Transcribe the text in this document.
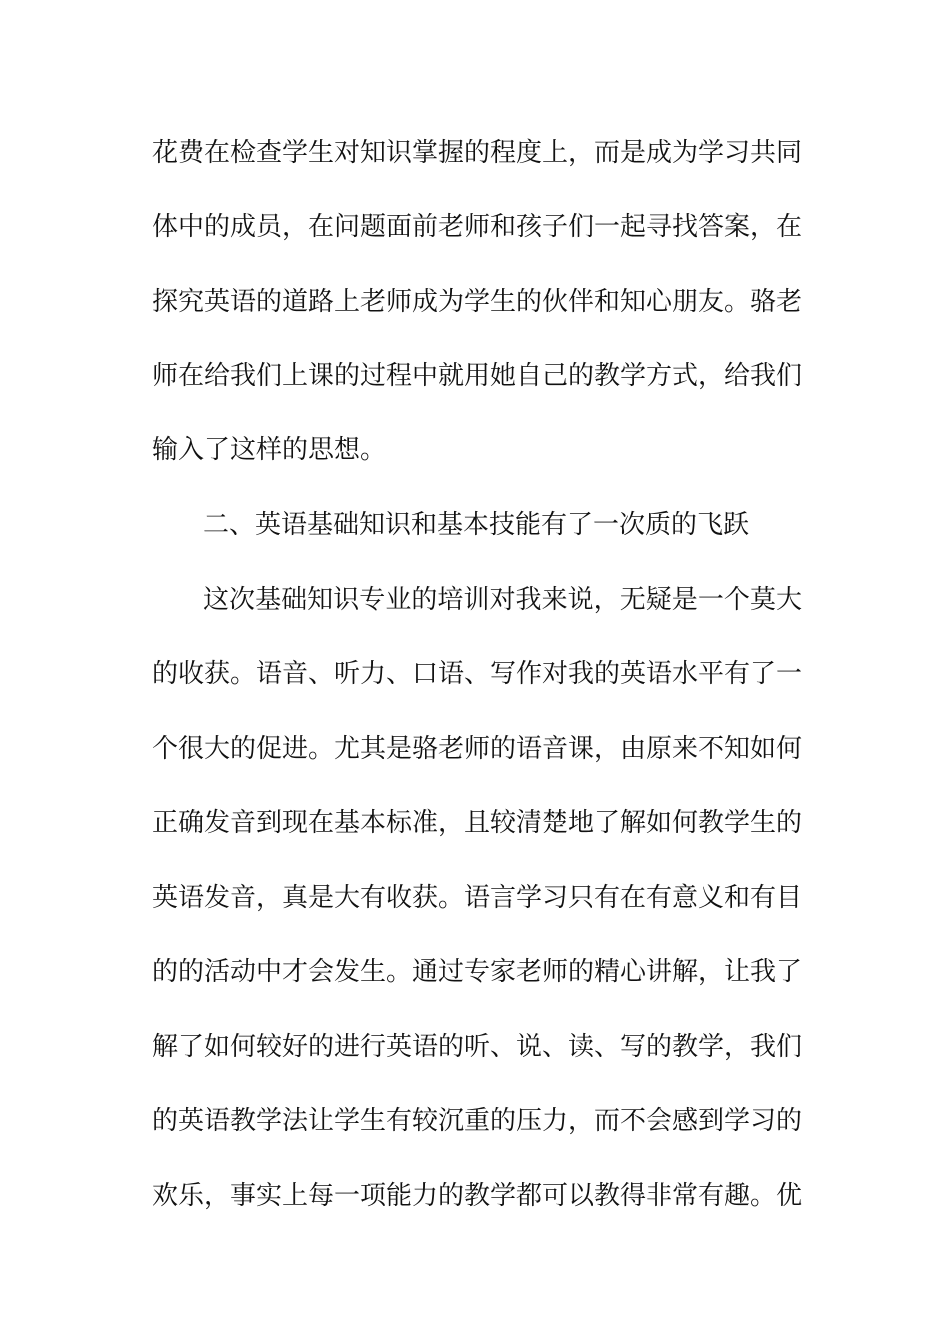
花费在检查学生对知识掌握的程度上，而是成为学习共同
体中的成员，在问题面前老师和孩子们一起寻找答案，在
探究英语的道路上老师成为学生的伙伴和知心朋友。骆老
师在给我们上课的过程中就用她自己的教学方式，给我们
输入了这样的思想。
二、英语基础知识和基本技能有了一次质的飞跃
这次基础知识专业的培训对我来说，无疑是一个莫大
的收获。语音、听力、口语、写作对我的英语水平有了一
个很大的促进。尤其是骆老师的语音课，由原来不知如何
正确发音到现在基本标准，且较清楚地了解如何教学生的
英语发音，真是大有收获。语言学习只有在有意义和有目
的的活动中才会发生。通过专家老师的精心讲解，让我了
解了如何较好的进行英语的听、说、读、写的教学，我们
的英语教学法让学生有较沉重的压力，而不会感到学习的
欢乐，事实上每一项能力的教学都可以教得非常有趣。优
